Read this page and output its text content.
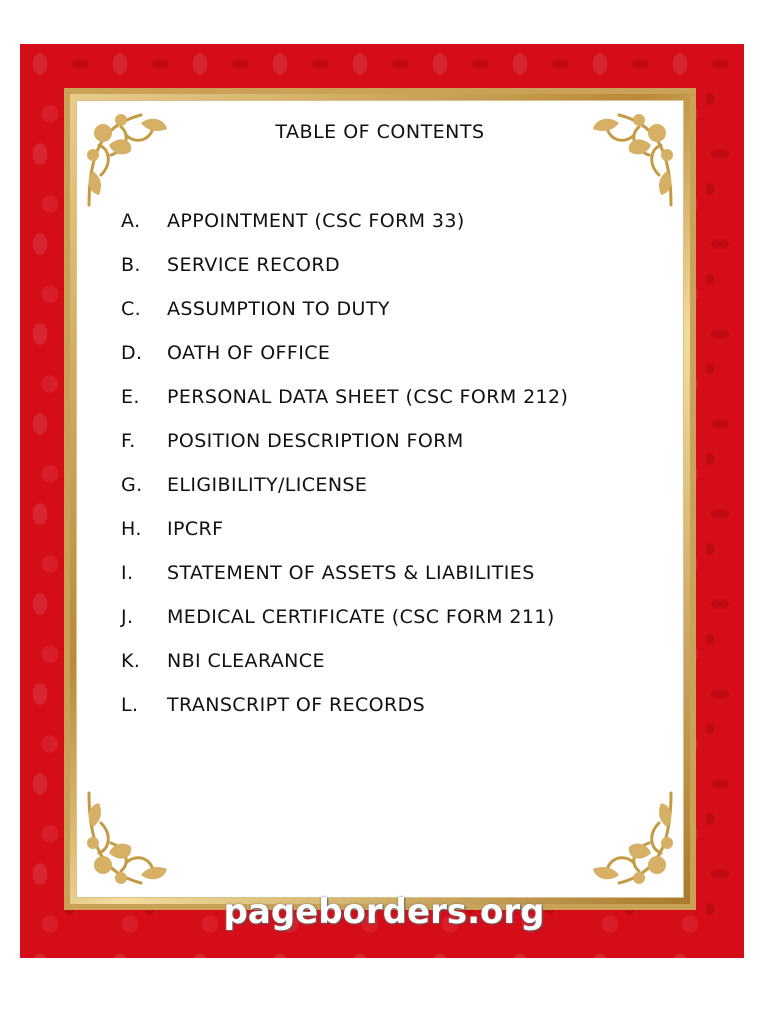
TABLE OF CONTENTS
A.	APPOINTMENT (CSC FORM 33)
B.	SERVICE RECORD
C.	ASSUMPTION TO DUTY
D.	OATH OF OFFICE
E.	PERSONAL DATA SHEET (CSC FORM 212)
F.	POSITION DESCRIPTION FORM
G.	ELIGIBILITY/LICENSE
H.	IPCRF
I.	STATEMENT OF ASSETS & LIABILITIES
J.	MEDICAL CERTIFICATE (CSC FORM 211)
K.	NBI CLEARANCE
L.	TRANSCRIPT OF RECORDS
pageborders.org
